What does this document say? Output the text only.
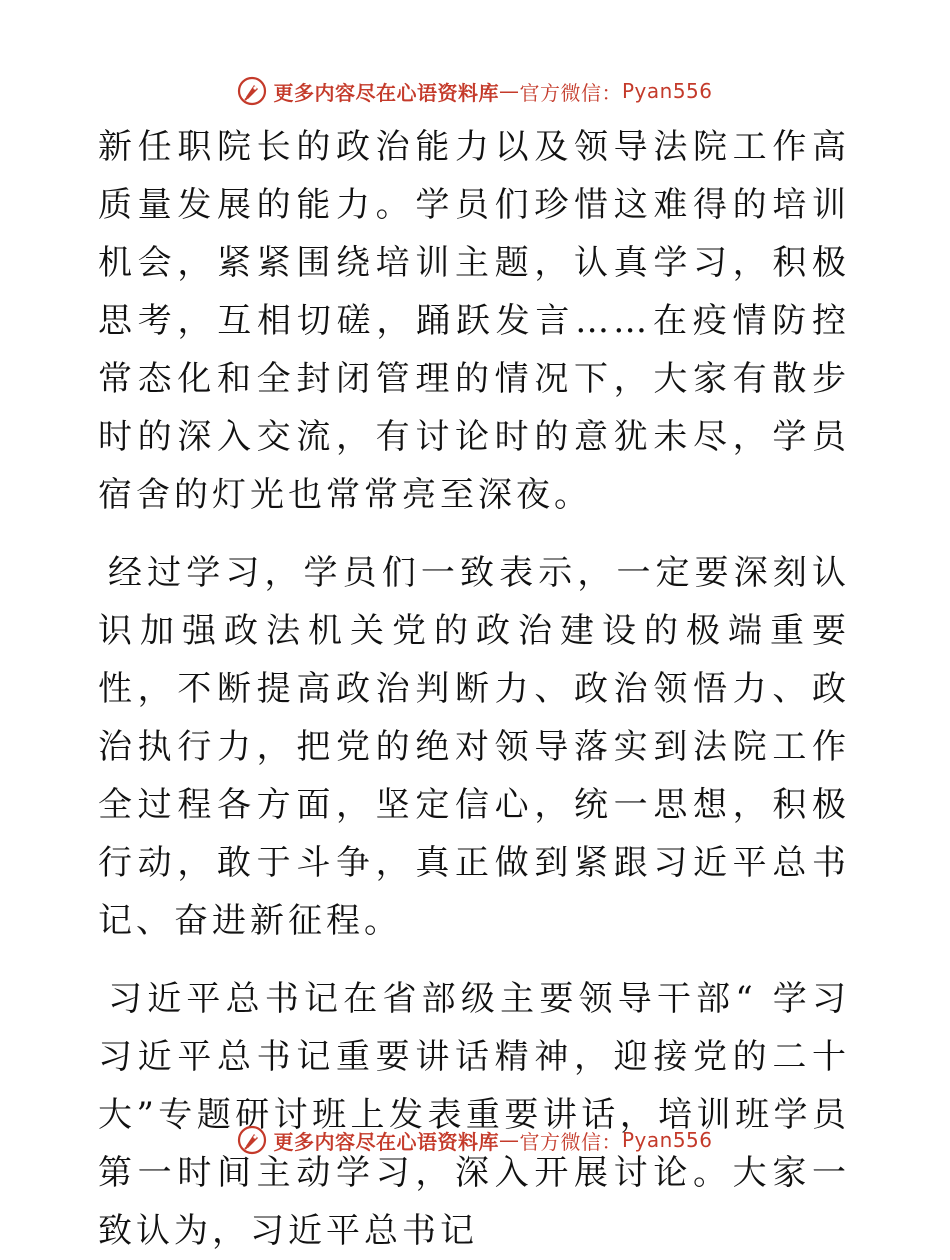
更多内容尽在心语资料库 — 官方微信： Pyan556

新任职院长的政治能力以及领导法院工作高质量发展的能力。学员们珍惜这难得的培训机会，紧紧围绕培训主题，认真学习，积极思考，互相切磋，踊跃发言……在疫情防控常态化和全封闭管理的情况下，大家有散步时的深入交流，有讨论时的意犹未尽，学员宿舍的灯光也常常亮至深夜。

经过学习，学员们一致表示，一定要深刻认识加强政法机关党的政治建设的极端重要性，不断提高政治判断力、政治领悟力、政治执行力，把党的绝对领导落实到法院工作全过程各方面，坚定信心，统一思想，积极行动，敢于斗争，真正做到紧跟习近平总书记、奋进新征程。

习近平总书记在省部级主要领导干部“ 学习习近平总书记重要讲话精神，迎接党的二十大”专题研讨班上发表重要讲话，培训班学员第一时间主动学习，深入开展讨论。大家一致认为，习近平总书记

更多内容尽在心语资料库 — 官方微信： Pyan556
